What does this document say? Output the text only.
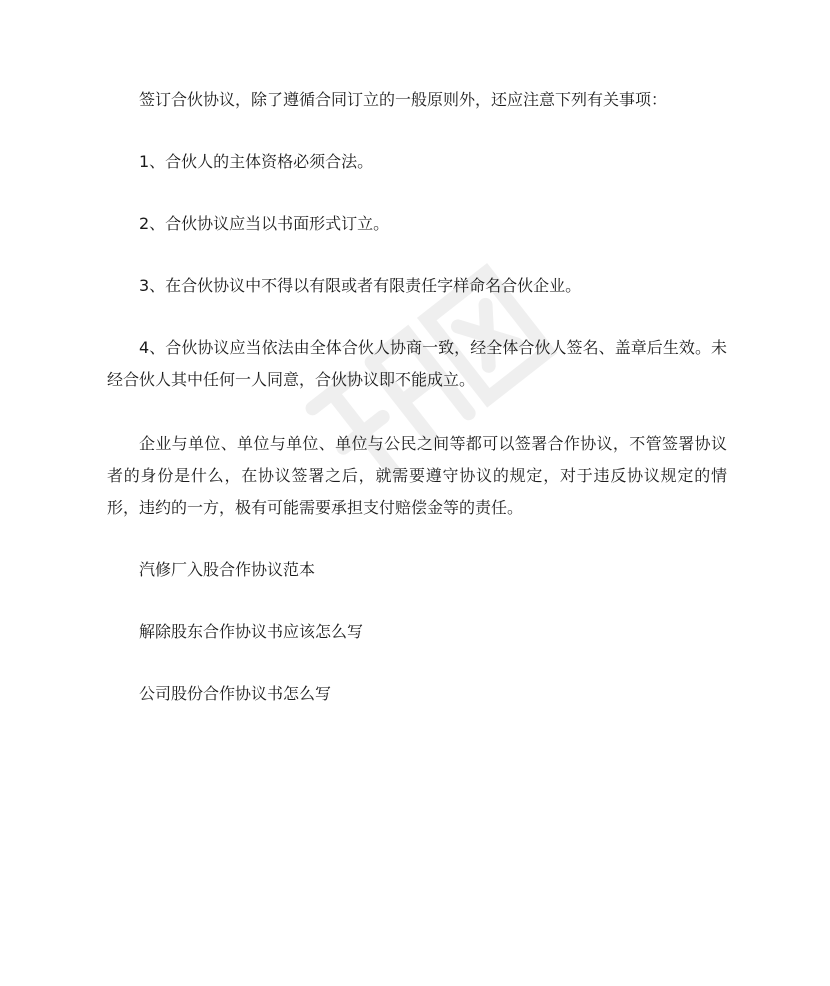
签订合伙协议，除了遵循合同订立的一般原则外，还应注意下列有关事项：

1、合伙人的主体资格必须合法。

2、合伙协议应当以书面形式订立。

3、在合伙协议中不得以有限或者有限责任字样命名合伙企业。

4、合伙协议应当依法由全体合伙人协商一致，经全体合伙人签名、盖章后生效。未经合伙人其中任何一人同意，合伙协议即不能成立。

企业与单位、单位与单位、单位与公民之间等都可以签署合作协议，不管签署协议者的身份是什么，在协议签署之后，就需要遵守协议的规定，对于违反协议规定的情形，违约的一方，极有可能需要承担支付赔偿金等的责任。

汽修厂入股合作协议范本

解除股东合作协议书应该怎么写

公司股份合作协议书怎么写
